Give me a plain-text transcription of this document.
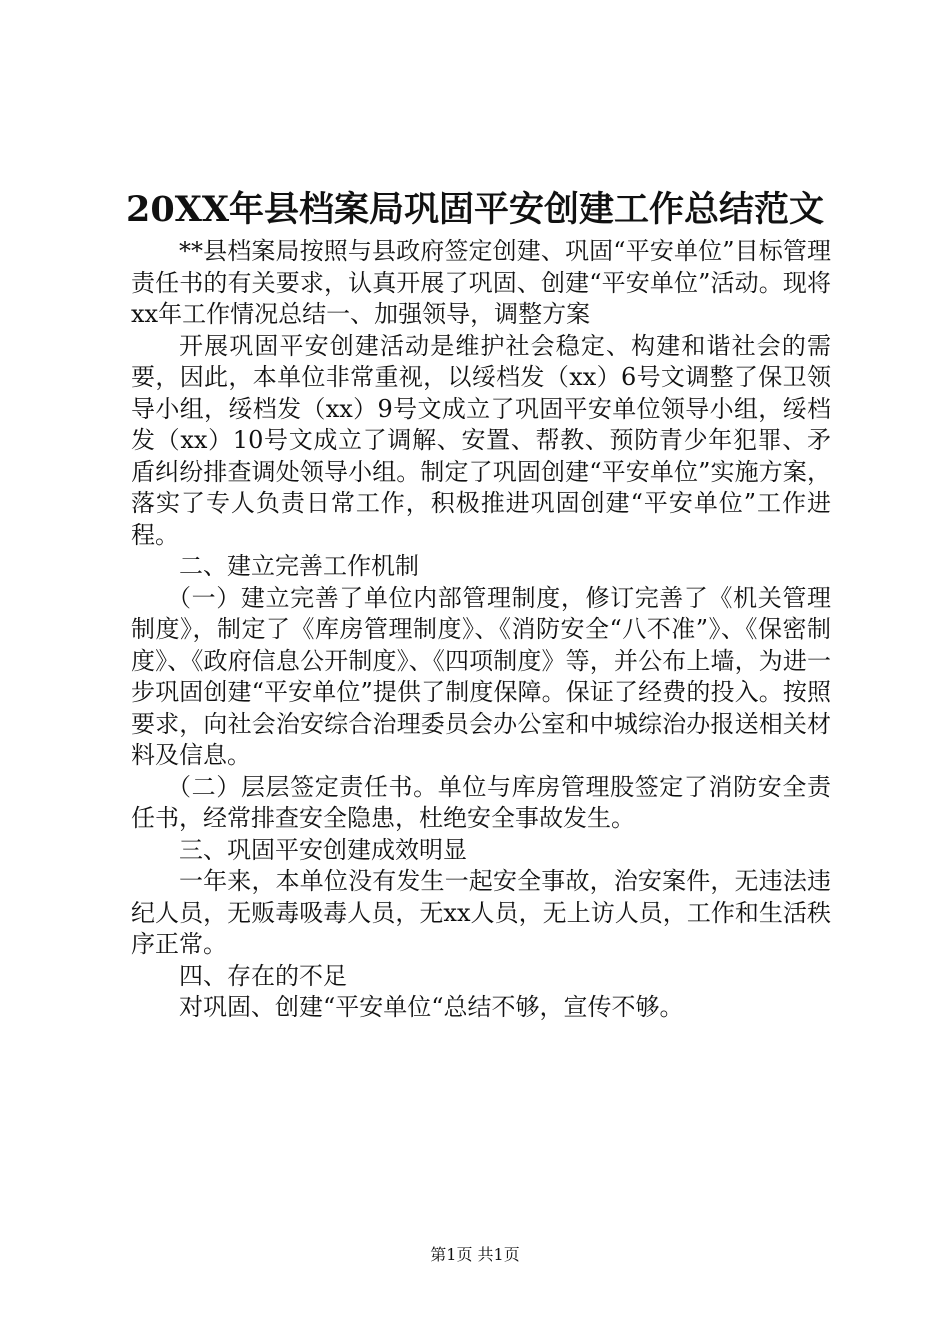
20XX年县档案局巩固平安创建工作总结范文

**县档案局按照与县政府签定创建、巩固“平安单位”目标管理责任书的有关要求，认真开展了巩固、创建“平安单位”活动。现将xx年工作情况总结一、加强领导，调整方案

开展巩固平安创建活动是维护社会稳定、构建和谐社会的需要，因此，本单位非常重视，以绥档发（xx）6号文调整了保卫领导小组，绥档发（xx）9号文成立了巩固平安单位领导小组，绥档发（xx）10号文成立了调解、安置、帮教、预防青少年犯罪、矛盾纠纷排查调处领导小组。制定了巩固创建“平安单位”实施方案，落实了专人负责日常工作，积极推进巩固创建“平安单位”工作进程。

二、建立完善工作机制

（一）建立完善了单位内部管理制度，修订完善了《机关管理制度》，制定了《库房管理制度》、《消防安全“八不准”》、《保密制度》、《政府信息公开制度》、《四项制度》等，并公布上墙，为进一步巩固创建“平安单位”提供了制度保障。保证了经费的投入。按照要求，向社会治安综合治理委员会办公室和中城综治办报送相关材料及信息。

（二）层层签定责任书。单位与库房管理股签定了消防安全责任书，经常排查安全隐患，杜绝安全事故发生。

三、巩固平安创建成效明显

一年来，本单位没有发生一起安全事故，治安案件，无违法违纪人员，无贩毒吸毒人员，无xx人员，无上访人员，工作和生活秩序正常。

四、存在的不足

对巩固、创建“平安单位“总结不够，宣传不够。

第1页 共1页
